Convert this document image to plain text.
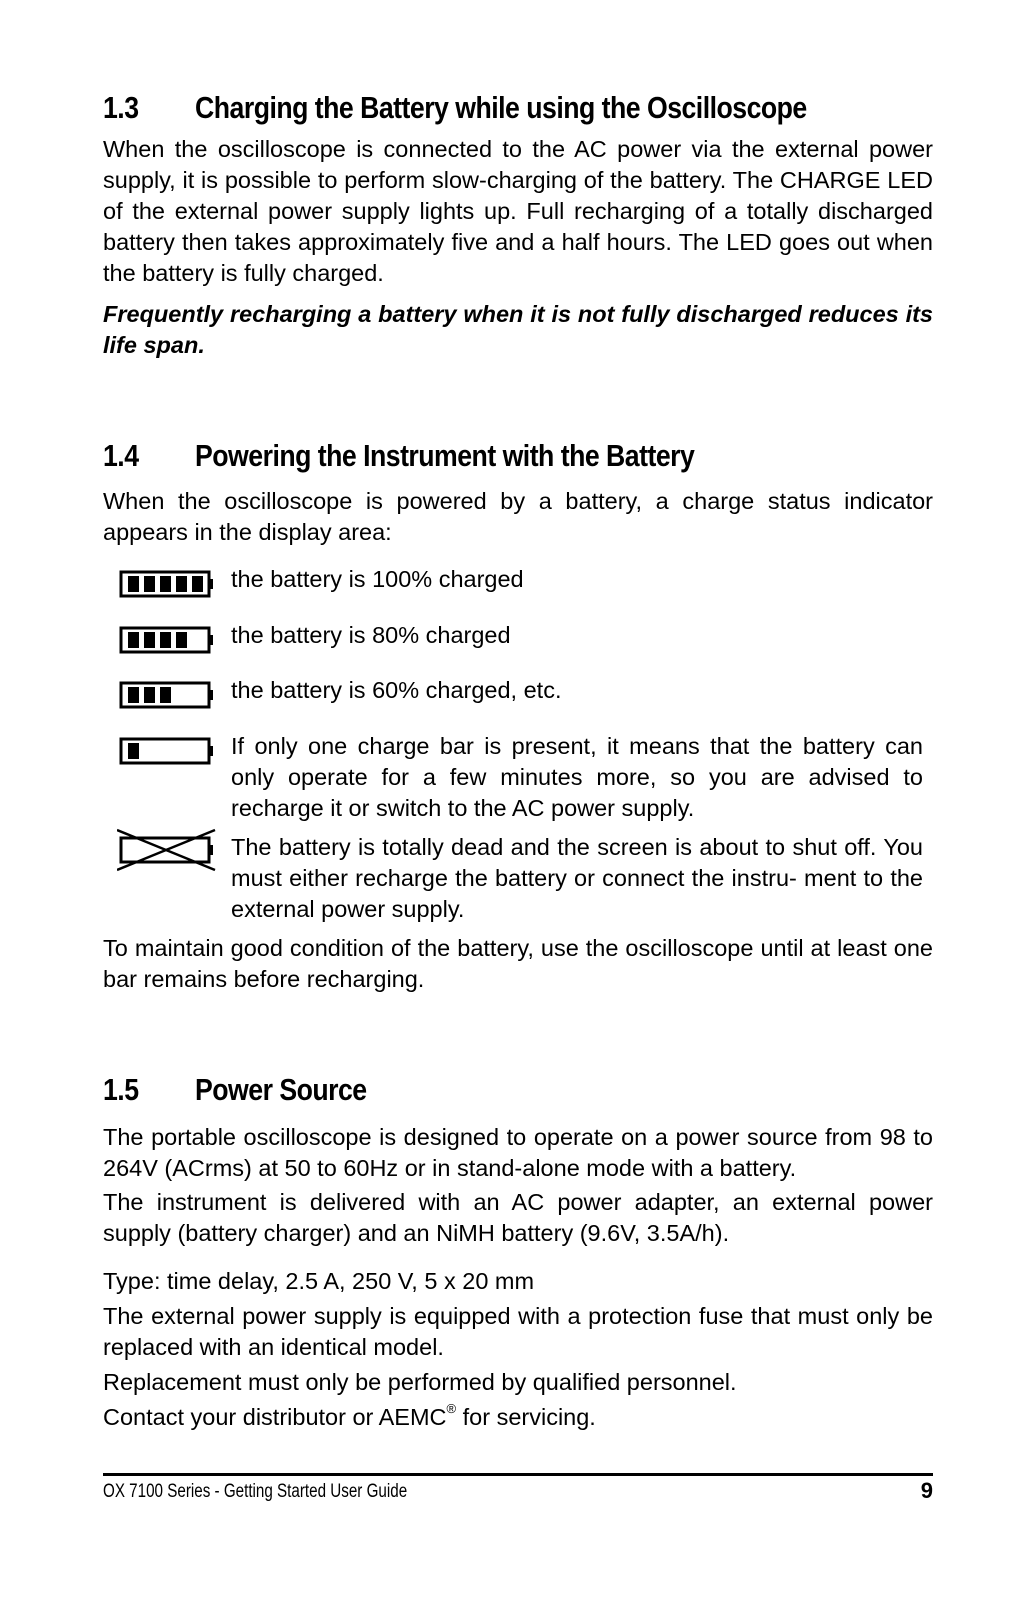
1.3 Charging the Battery while using the Oscilloscope

When the oscilloscope is connected to the AC power via the external power supply, it is possible to perform slow-charging of the battery. The CHARGE LED of the external power supply lights up. Full recharging of a totally discharged battery then takes approximately five and a half hours. The LED goes out when the battery is fully charged.

Frequently recharging a battery when it is not fully discharged reduces its life span.

1.4 Powering the Instrument with the Battery

When the oscilloscope is powered by a battery, a charge status indicator appears in the display area:

the battery is 100% charged
the battery is 80% charged
the battery is 60% charged, etc.
If only one charge bar is present, it means that the battery can only operate for a few minutes more, so you are advised to recharge it or switch to the AC power supply.
The battery is totally dead and the screen is about to shut off. You must either recharge the battery or connect the instru- ment to the external power supply.

To maintain good condition of the battery, use the oscilloscope until at least one bar remains before recharging.

1.5 Power Source

The portable oscilloscope is designed to operate on a power source from 98 to 264V (ACrms) at 50 to 60Hz or in stand-alone mode with a battery.

The instrument is delivered with an AC power adapter, an external power supply (battery charger) and an NiMH battery (9.6V, 3.5A/h).

Type: time delay, 2.5 A, 250 V, 5 x 20 mm

The external power supply is equipped with a protection fuse that must only be replaced with an identical model.

Replacement must only be performed by qualified personnel.

Contact your distributor or AEMC® for servicing.

OX 7100 Series - Getting Started User Guide	9
